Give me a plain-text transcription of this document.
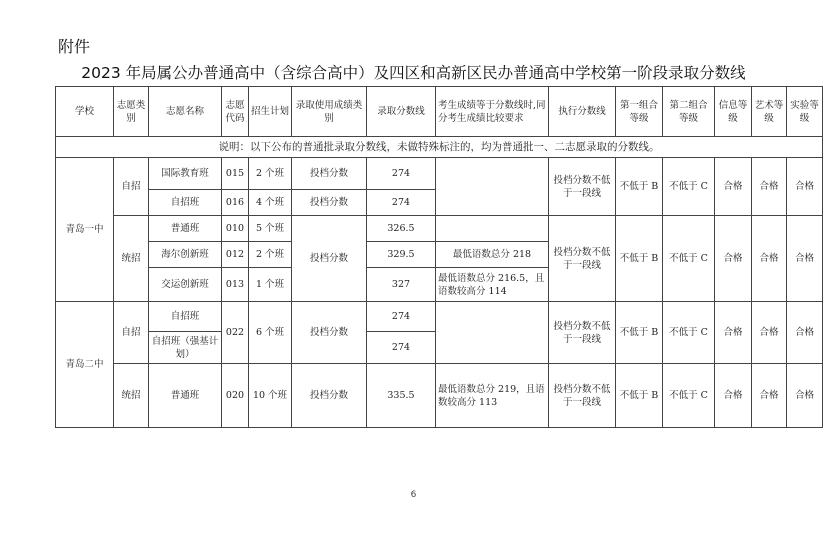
附件
2023 年局属公办普通高中（含综合高中）及四区和高新区民办普通高中学校第一阶段录取分数线
学校	志愿类别	志愿名称	志愿代码	招生计划	录取使用成绩类别	录取分数线	考生成绩等于分数线时,同分考生成绩比较要求	执行分数线	第一组合等级	第二组合等级	信息等级	艺术等级	实验等级
说明：以下公布的普通批录取分数线，未做特殊标注的，均为普通批一、二志愿录取的分数线。													
青岛一中	自招	国际教育班	015	2 个班	投档分数	274		投档分数不低于一段线	不低于 B	不低于 C	合格	合格	合格
		自招班	016	4 个班	投档分数	274							
	统招	普通班	010	5 个班	投档分数	326.5		投档分数不低于一段线	不低于 B	不低于 C	合格	合格	合格
		海尔创新班	012	2 个班		329.5	最低语数总分 218						
		交运创新班	013	1 个班		327	最低语数总分 216.5，且语数较高分 114						
青岛二中	自招	自招班	022	6 个班	投档分数	274		投档分数不低于一段线	不低于 B	不低于 C	合格	合格	合格
		自招班（强基计划）				274							
	统招	普通班	020	10 个班	投档分数	335.5	最低语数总分 219，且语数较高分 113	投档分数不低于一段线	不低于 B	不低于 C	合格	合格	合格
6
